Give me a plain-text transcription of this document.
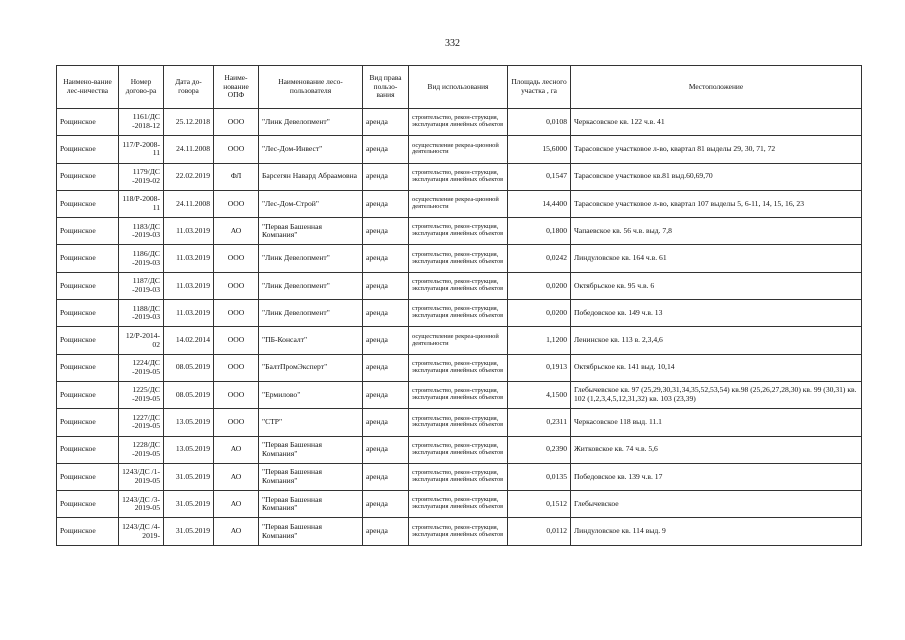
332
Наимено-вание лес-ничества	Номер догово-ра	Дата до-говора	Наиме-нование ОПФ	Наименование лесо-пользователя	Вид права пользо-вания	Вид использования	Площадь лесного участка , га	Местоположение
Рощинское	1161/ДС -2018-12	25.12.2018	ООО	"Линк Девелопмент"	аренда	строительство, рекон-струкция, эксплуатация линейных объектов	0,0108	Черкасовское кв. 122 ч.в. 41
Рощинское	117/Р-2008-11	24.11.2008	ООО	"Лес-Дом-Инвест"	аренда	осуществление рекреа-ционной деятельности	15,6000	Тарасовское участковое л-во, квартал 81 выделы 29, 30, 71, 72
Рощинское	1179/ДС -2019-02	22.02.2019	ФЛ	Барсегян Навард Абраамовна	аренда	строительство, рекон-струкция, эксплуатация линейных объектов	0,1547	Тарасовское участковое кв.81 выд.60,69,70
Рощинское	118/Р-2008-11	24.11.2008	ООО	"Лес-Дом-Строй"	аренда	осуществление рекреа-ционной деятельности	14,4400	Тарасовское участковое л-во, квартал 107 выделы 5, 6-11, 14, 15, 16, 23
Рощинское	1183/ДС -2019-03	11.03.2019	АО	"Первая Башенная Компания"	аренда	строительство, рекон-струкция, эксплуатация линейных объектов	0,1800	Чапаевское кв. 56 ч.в. выд. 7,8
Рощинское	1186/ДС -2019-03	11.03.2019	ООО	"Линк Девелопмент"	аренда	строительство, рекон-струкция, эксплуатация линейных объектов	0,0242	Линдуловское кв. 164 ч.в. 61
Рощинское	1187/ДС -2019-03	11.03.2019	ООО	"Линк Девелопмент"	аренда	строительство, рекон-струкция, эксплуатация линейных объектов	0,0200	Октябрьское кв. 95 ч.в. 6
Рощинское	1188/ДС -2019-03	11.03.2019	ООО	"Линк Девелопмент"	аренда	строительство, рекон-струкция, эксплуатация линейных объектов	0,0200	Победовское кв. 149 ч.в. 13
Рощинское	12/Р-2014-02	14.02.2014	ООО	"ПБ-Консалт"	аренда	осуществление рекреа-ционной деятельности	1,1200	Ленинское кв. 113 в. 2,3,4,6
Рощинское	1224/ДС -2019-05	08.05.2019	ООО	"БалтПромЭксперт"	аренда	строительство, рекон-струкция, эксплуатация линейных объектов	0,1913	Октябрьское кв. 141 выд. 10,14
Рощинское	1225/ДС -2019-05	08.05.2019	ООО	"Ермилово"	аренда	строительство, рекон-струкция, эксплуатация линейных объектов	4,1500	Глебычевское кв. 97 (25,29,30,31,34,35,52,53,54) кв.98 (25,26,27,28,30) кв. 99 (30,31) кв. 102 (1,2,3,4,5,12,31,32) кв. 103 (23,39)
Рощинское	1227/ДС -2019-05	13.05.2019	ООО	"СТР"	аренда	строительство, рекон-струкция, эксплуатация линейных объектов	0,2311	Черкасовское 118 выд. 11.1
Рощинское	1228/ДС -2019-05	13.05.2019	АО	"Первая Башенная Компания"	аренда	строительство, рекон-струкция, эксплуатация линейных объектов	0,2390	Житковское кв. 74 ч.в. 5,6
Рощинское	1243/ДС /1-2019-05	31.05.2019	АО	"Первая Башенная Компания"	аренда	строительство, рекон-струкция, эксплуатация линейных объектов	0,0135	Победовское кв. 139 ч.в. 17
Рощинское	1243/ДС /3-2019-05	31.05.2019	АО	"Первая Башенная Компания"	аренда	строительство, рекон-струкция, эксплуатация линейных объектов	0,1512	Глебычевское
Рощинское	1243/ДС /4-2019-	31.05.2019	АО	"Первая Башенная Компания"	аренда	строительство, рекон-струкция, эксплуатация линейных объектов	0,0112	Линдуловское кв. 114 выд. 9
